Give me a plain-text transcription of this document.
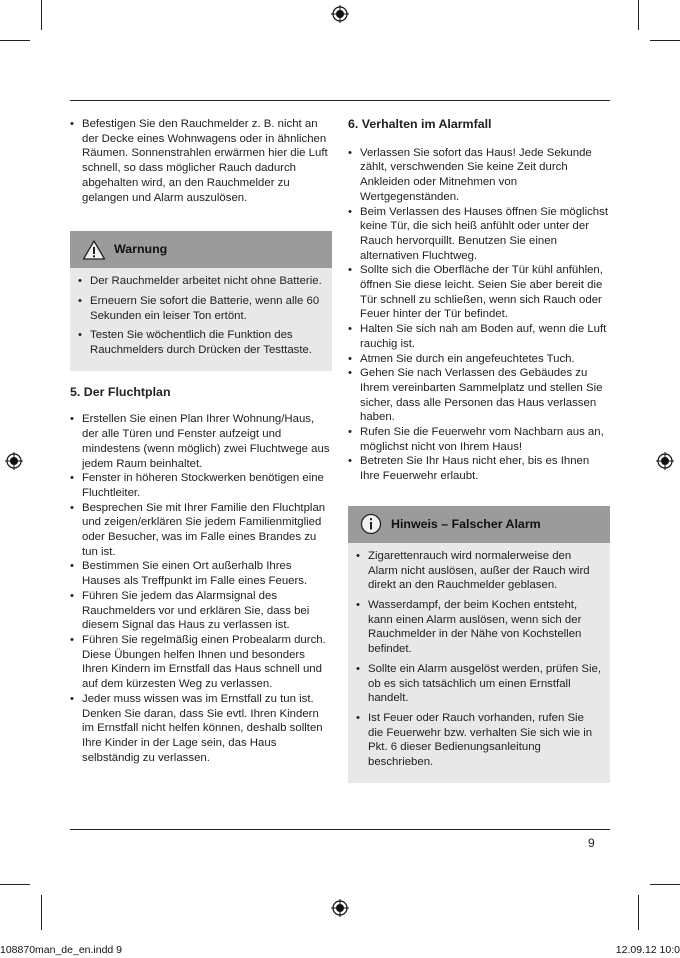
• Befestigen Sie den Rauchmelder z. B. nicht an der Decke eines Wohnwagens oder in ähnlichen Räumen. Sonnenstrahlen erwärmen hier die Luft schnell, so dass möglicher Rauch dadurch abgehalten wird, an den Rauchmelder zu gelangen und Alarm auszulösen.
Warnung
• Der Rauchmelder arbeitet nicht ohne Batterie.
• Erneuern Sie sofort die Batterie, wenn alle 60 Sekunden ein leiser Ton ertönt.
• Testen Sie wöchentlich die Funktion des Rauchmelders durch Drücken der Testtaste.
5. Der Fluchtplan
• Erstellen Sie einen Plan Ihrer Wohnung/Haus, der alle Türen und Fenster aufzeigt und mindestens (wenn möglich) zwei Fluchtwege aus jedem Raum beinhaltet.
• Fenster in höheren Stockwerken benötigen eine Fluchtleiter.
• Besprechen Sie mit Ihrer Familie den Fluchtplan und zeigen/erklären Sie jedem Familienmitglied oder Besucher, was im Falle eines Brandes zu tun ist.
• Bestimmen Sie einen Ort außerhalb Ihres Hauses als Treffpunkt im Falle eines Feuers.
• Führen Sie jedem das Alarmsignal des Rauchmelders vor und erklären Sie, dass bei diesem Signal das Haus zu verlassen ist.
• Führen Sie regelmäßig einen Probealarm durch. Diese Übungen helfen Ihnen und besonders Ihren Kindern im Ernstfall das Haus schnell und auf dem kürzesten Weg zu verlassen.
• Jeder muss wissen was im Ernstfall zu tun ist. Denken Sie daran, dass Sie evtl. Ihren Kindern im Ernstfall nicht helfen können, deshalb sollten Ihre Kinder in der Lage sein, das Haus selbständig zu verlassen.
6. Verhalten im Alarmfall
• Verlassen Sie sofort das Haus! Jede Sekunde zählt, verschwenden Sie keine Zeit durch Ankleiden oder Mitnehmen von Wertgegenständen.
• Beim Verlassen des Hauses öffnen Sie möglichst keine Tür, die sich heiß anfühlt oder unter der Rauch hervorquillt. Benutzen Sie einen alternativen Fluchtweg.
• Sollte sich die Oberfläche der Tür kühl anfühlen, öffnen Sie diese leicht. Seien Sie aber bereit die Tür schnell zu schließen, wenn sich Rauch oder Feuer hinter der Tür befindet.
• Halten Sie sich nah am Boden auf, wenn die Luft rauchig ist.
• Atmen Sie durch ein angefeuchtetes Tuch.
• Gehen Sie nach Verlassen des Gebäudes zu Ihrem vereinbarten Sammelplatz und stellen Sie sicher, dass alle Personen das Haus verlassen haben.
• Rufen Sie die Feuerwehr vom Nachbarn aus an, möglichst nicht von Ihrem Haus!
• Betreten Sie Ihr Haus nicht eher, bis es Ihnen Ihre Feuerwehr erlaubt.
Hinweis – Falscher Alarm
• Zigarettenrauch wird normalerweise den Alarm nicht auslösen, außer der Rauch wird direkt an den Rauchmelder geblasen.
• Wasserdampf, der beim Kochen entsteht, kann einen Alarm auslösen, wenn sich der Rauchmelder in der Nähe von Kochstellen befindet.
• Sollte ein Alarm ausgelöst werden, prüfen Sie, ob es sich tatsächlich um einen Ernstfall handelt.
• Ist Feuer oder Rauch vorhanden, rufen Sie die Feuerwehr bzw. verhalten Sie sich wie in Pkt. 6 dieser Bedienungsanleitung beschrieben.
9
108870man_de_en.indd 9	12.09.12 10:0
